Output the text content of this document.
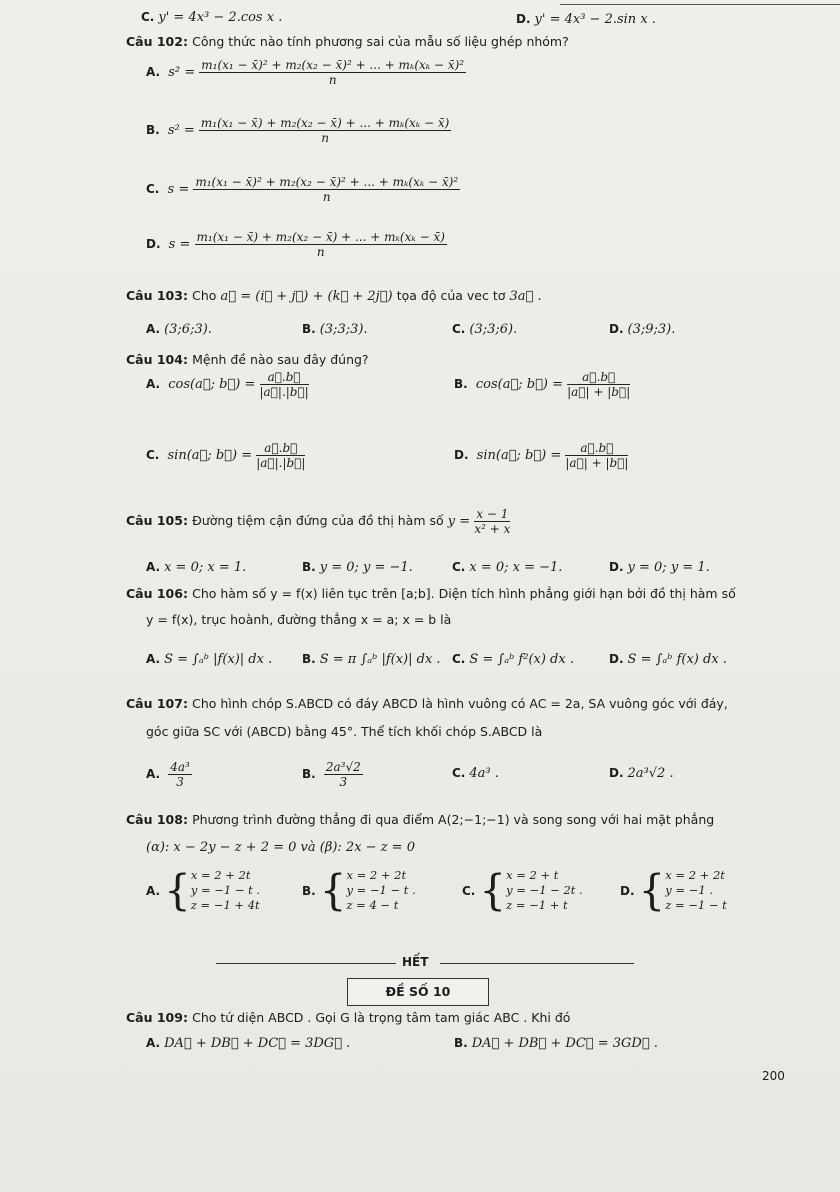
C. y' = 4x³ − 2.cos x .	D. y' = 4x³ − 2.sin x .
Câu 102: Công thức nào tính phương sai của mẫu số liệu ghép nhóm?
A. $s^2 = \frac{\text{m₁(x₁ − x̄)² + m₂(x₂ − x̄)² + ... + mₖ(xₖ − x̄)²}}{n}$
B. $s^2 = \frac{\text{m₁(x₁ − x̄) + m₂(x₂ − x̄) + ... + mₖ(xₖ − x̄)}}{n}$
C. $s = \frac{\text{m₁(x₁ − x̄)² + m₂(x₂ − x̄)² + ... + mₖ(xₖ − x̄)²}}{n}$
D. $s = \frac{\text{m₁(x₁ − x̄) + m₂(x₂ − x̄) + ... + mₖ(xₖ − x̄)}}{n}$
Câu 103: Cho a⃗ = (i⃗ + j⃗) + (k⃗ + 2j⃗) tọa độ của vec tơ 3a⃗ .
A. (3;6;3).	B. (3;3;3).	C. (3;3;6).	D. (3;9;3).
Câu 104: Mệnh đề nào sau đây đúng?
A. cos(a⃗; b⃗) = $\frac{a⃗.b⃗}{|a⃗|.|b⃗|}$	B. cos(a⃗; b⃗) = $\frac{a⃗.b⃗}{|a⃗| + |b⃗|}$
C. sin(a⃗; b⃗) = $\frac{a⃗.b⃗}{|a⃗|.|b⃗|}$	D. sin(a⃗; b⃗) = $\frac{a⃗.b⃗}{|a⃗| + |b⃗|}$
Câu 105: Đường tiệm cận đứng của đồ thị hàm số $y = \frac{x - 1}{\text{x² + x}}$
A. x = 0; x = 1.	B. y = 0; y = −1.	C. x = 0; x = −1.	D. y = 0; y = 1.
Câu 106: Cho hàm số y = f(x) liên tục trên [a;b]. Diện tích hình phẳng giới hạn bởi đồ thị hàm số
y = f(x), trục hoành, đường thẳng x = a; x = b là
A. S = ∫ₐᵇ |f(x)| dx . B. S = π ∫ₐᵇ |f(x)| dx . C. S = ∫ₐᵇ f²(x) dx .	D. S = ∫ₐᵇ f(x) dx .
Câu 107: Cho hình chóp S.ABCD có đáy ABCD là hình vuông có AC = 2a, SA vuông góc với đáy,
góc giữa SC với (ABCD) bằng 45°. Thể tích khối chóp S.ABCD là
A. $\frac{\text{4a³}}{3}$	B. $\frac{\text{2a³√2}}{3}$	C. 4a³ .	D. 2a³√2 .
Câu 108: Phương trình đường thẳng đi qua điểm A(2;−1;−1) và song song với hai mặt phẳng
(α): x − 2y − z + 2 = 0 và (β): 2x − z = 0
A.{ x = 2 + 2t
y = −1 − t .
z = −1 + 4t
B.{ x = 2 + 2t
y = −1 − t .
z = 4 − t
C.{ x = 2 + t
y = −1 − 2t .
z = −1 + t
D.{ x = 2 + 2t
y = −1 .
z = −1 − t
HẾT
ĐỀ SỐ 10
Câu 109: Cho tứ diện ABCD . Gọi G là trọng tâm tam giác ABC . Khi đó
A. DA⃗ + DB⃗ + DC⃗ = 3DG⃗ .	B. DA⃗ + DB⃗ + DC⃗ = 3GD⃗ .
200
